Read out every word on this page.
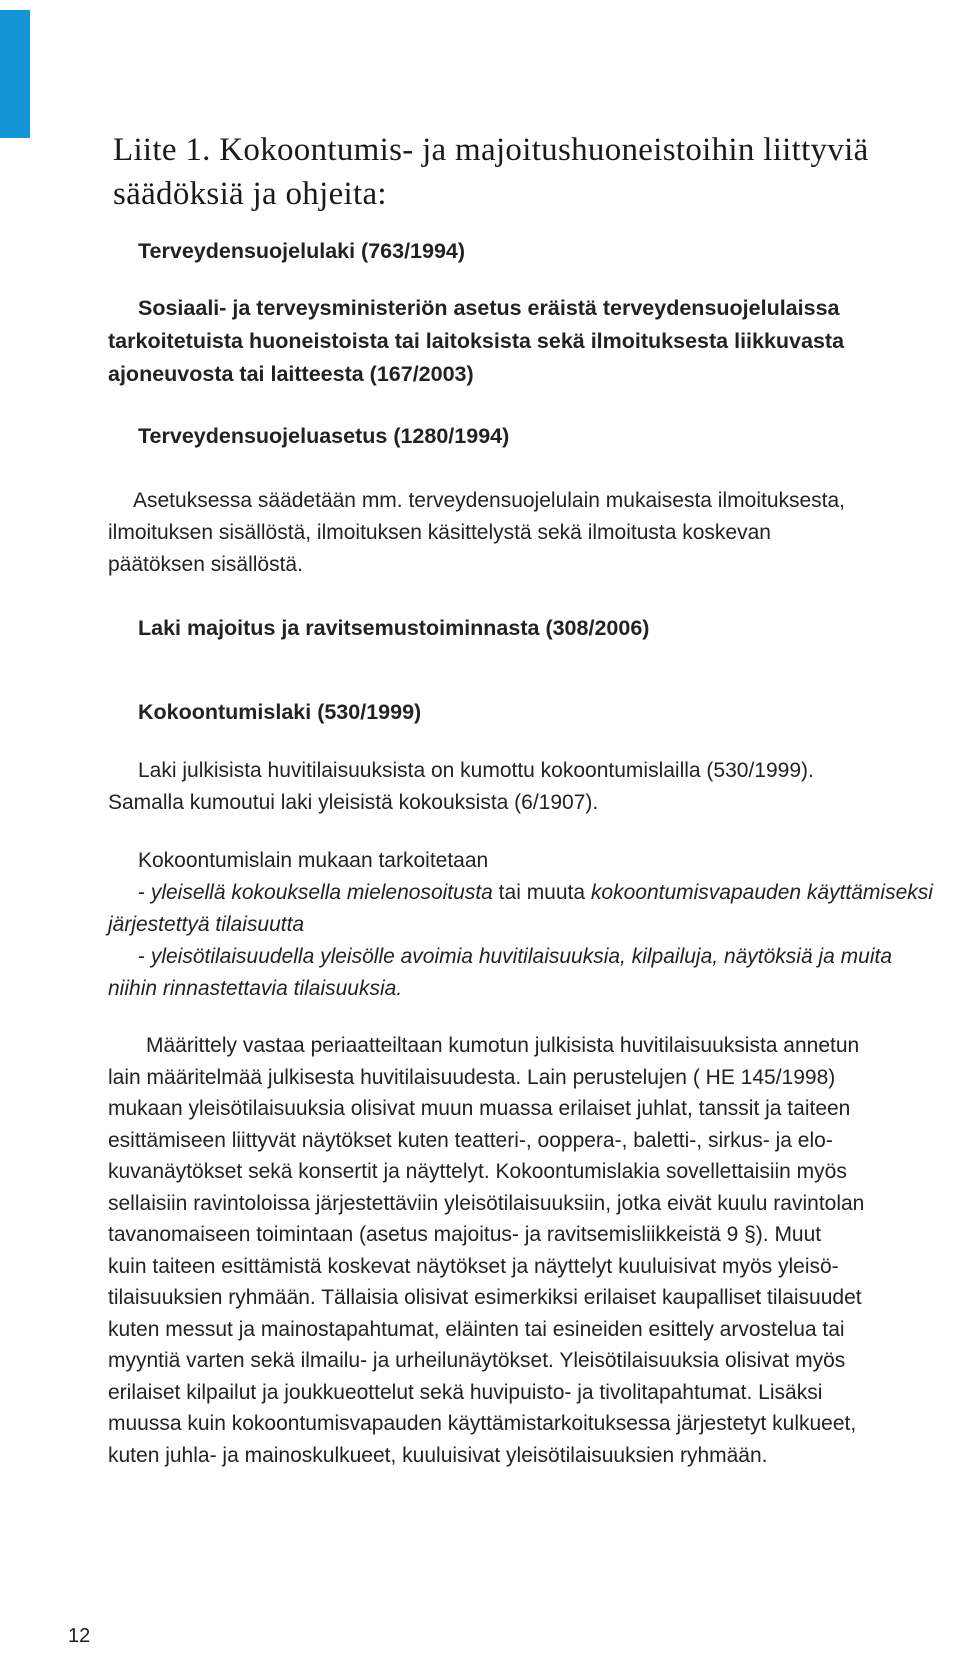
Liite 1. Kokoontumis- ja majoitushuoneistoihin liittyviä
säädöksiä ja ohjeita:
Terveydensuojelulaki (763/1994)
Sosiaali- ja terveysministeriön asetus eräistä terveydensuojelulaissa
tarkoitetuista huoneistoista tai laitoksista sekä ilmoituksesta liikkuvasta
ajoneuvosta tai laitteesta (167/2003)
Terveydensuojeluasetus (1280/1994)
Asetuksessa säädetään mm. terveydensuojelulain mukaisesta ilmoituksesta,
ilmoituksen sisällöstä, ilmoituksen käsittelystä sekä ilmoitusta koskevan
päätöksen sisällöstä.
Laki majoitus ja ravitsemustoiminnasta (308/2006)
Kokoontumislaki (530/1999)
Laki julkisista huvitilaisuuksista on kumottu kokoontumislailla (530/1999).
Samalla kumoutui laki yleisistä kokouksista (6/1907).
Kokoontumislain mukaan tarkoitetaan
- yleisellä kokouksella mielenosoitusta tai muuta kokoontumisvapauden käyttämiseksi
järjestettyä tilaisuutta
- yleisötilaisuudella yleisölle avoimia huvitilaisuuksia, kilpailuja, näytöksiä ja muita
niihin rinnastettavia tilaisuuksia.
Määrittely vastaa periaatteiltaan kumotun julkisista huvitilaisuuksista annetun
lain määritelmää julkisesta huvitilaisuudesta. Lain perustelujen ( HE 145/1998)
mukaan yleisötilaisuuksia olisivat muun muassa erilaiset juhlat, tanssit ja taiteen
esittämiseen liittyvät näytökset kuten teatteri-, ooppera-, baletti-, sirkus- ja elo-
kuvanäytökset sekä konsertit ja näyttelyt. Kokoontumislakia sovellettaisiin myös
sellaisiin ravintoloissa järjestettäviin yleisötilaisuuksiin, jotka eivät kuulu ravintolan
tavanomaiseen toimintaan (asetus majoitus- ja ravitsemisliikkeistä 9 §). Muut
kuin taiteen esittämistä koskevat näytökset ja näyttelyt kuuluisivat myös yleisö-
tilaisuuksien ryhmään. Tällaisia olisivat esimerkiksi erilaiset kaupalliset tilaisuudet
kuten messut ja mainostapahtumat, eläinten tai esineiden esittely arvostelua tai
myyntiä varten sekä ilmailu- ja urheilunäytökset. Yleisötilaisuuksia olisivat myös
erilaiset kilpailut ja joukkueottelut sekä huvipuisto- ja tivolitapahtumat. Lisäksi
muussa kuin kokoontumisvapauden käyttämistarkoituksessa järjestetyt kulkueet,
kuten juhla- ja mainoskulkueet, kuuluisivat yleisötilaisuuksien ryhmään.
12
